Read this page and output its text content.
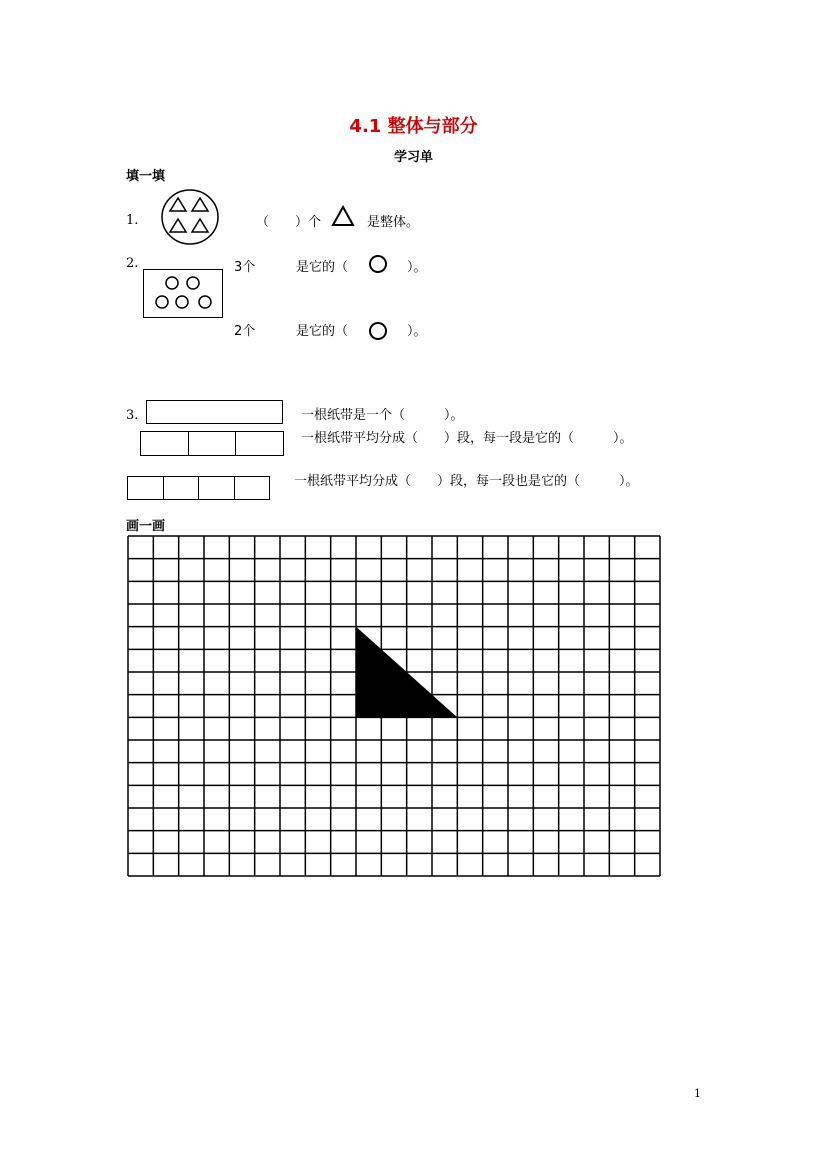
4.1 整体与部分
学习单
填一填
1.	（　　）个	是整体。
2.	3个	是它的（	）。
2个	是它的（	）。
3.	一根纸带是一个（　　　）。
一根纸带平均分成（　　）段，每一段是它的（　　　）。
一根纸带平均分成（　　）段，每一段也是它的（　　　）。
画一画
1
